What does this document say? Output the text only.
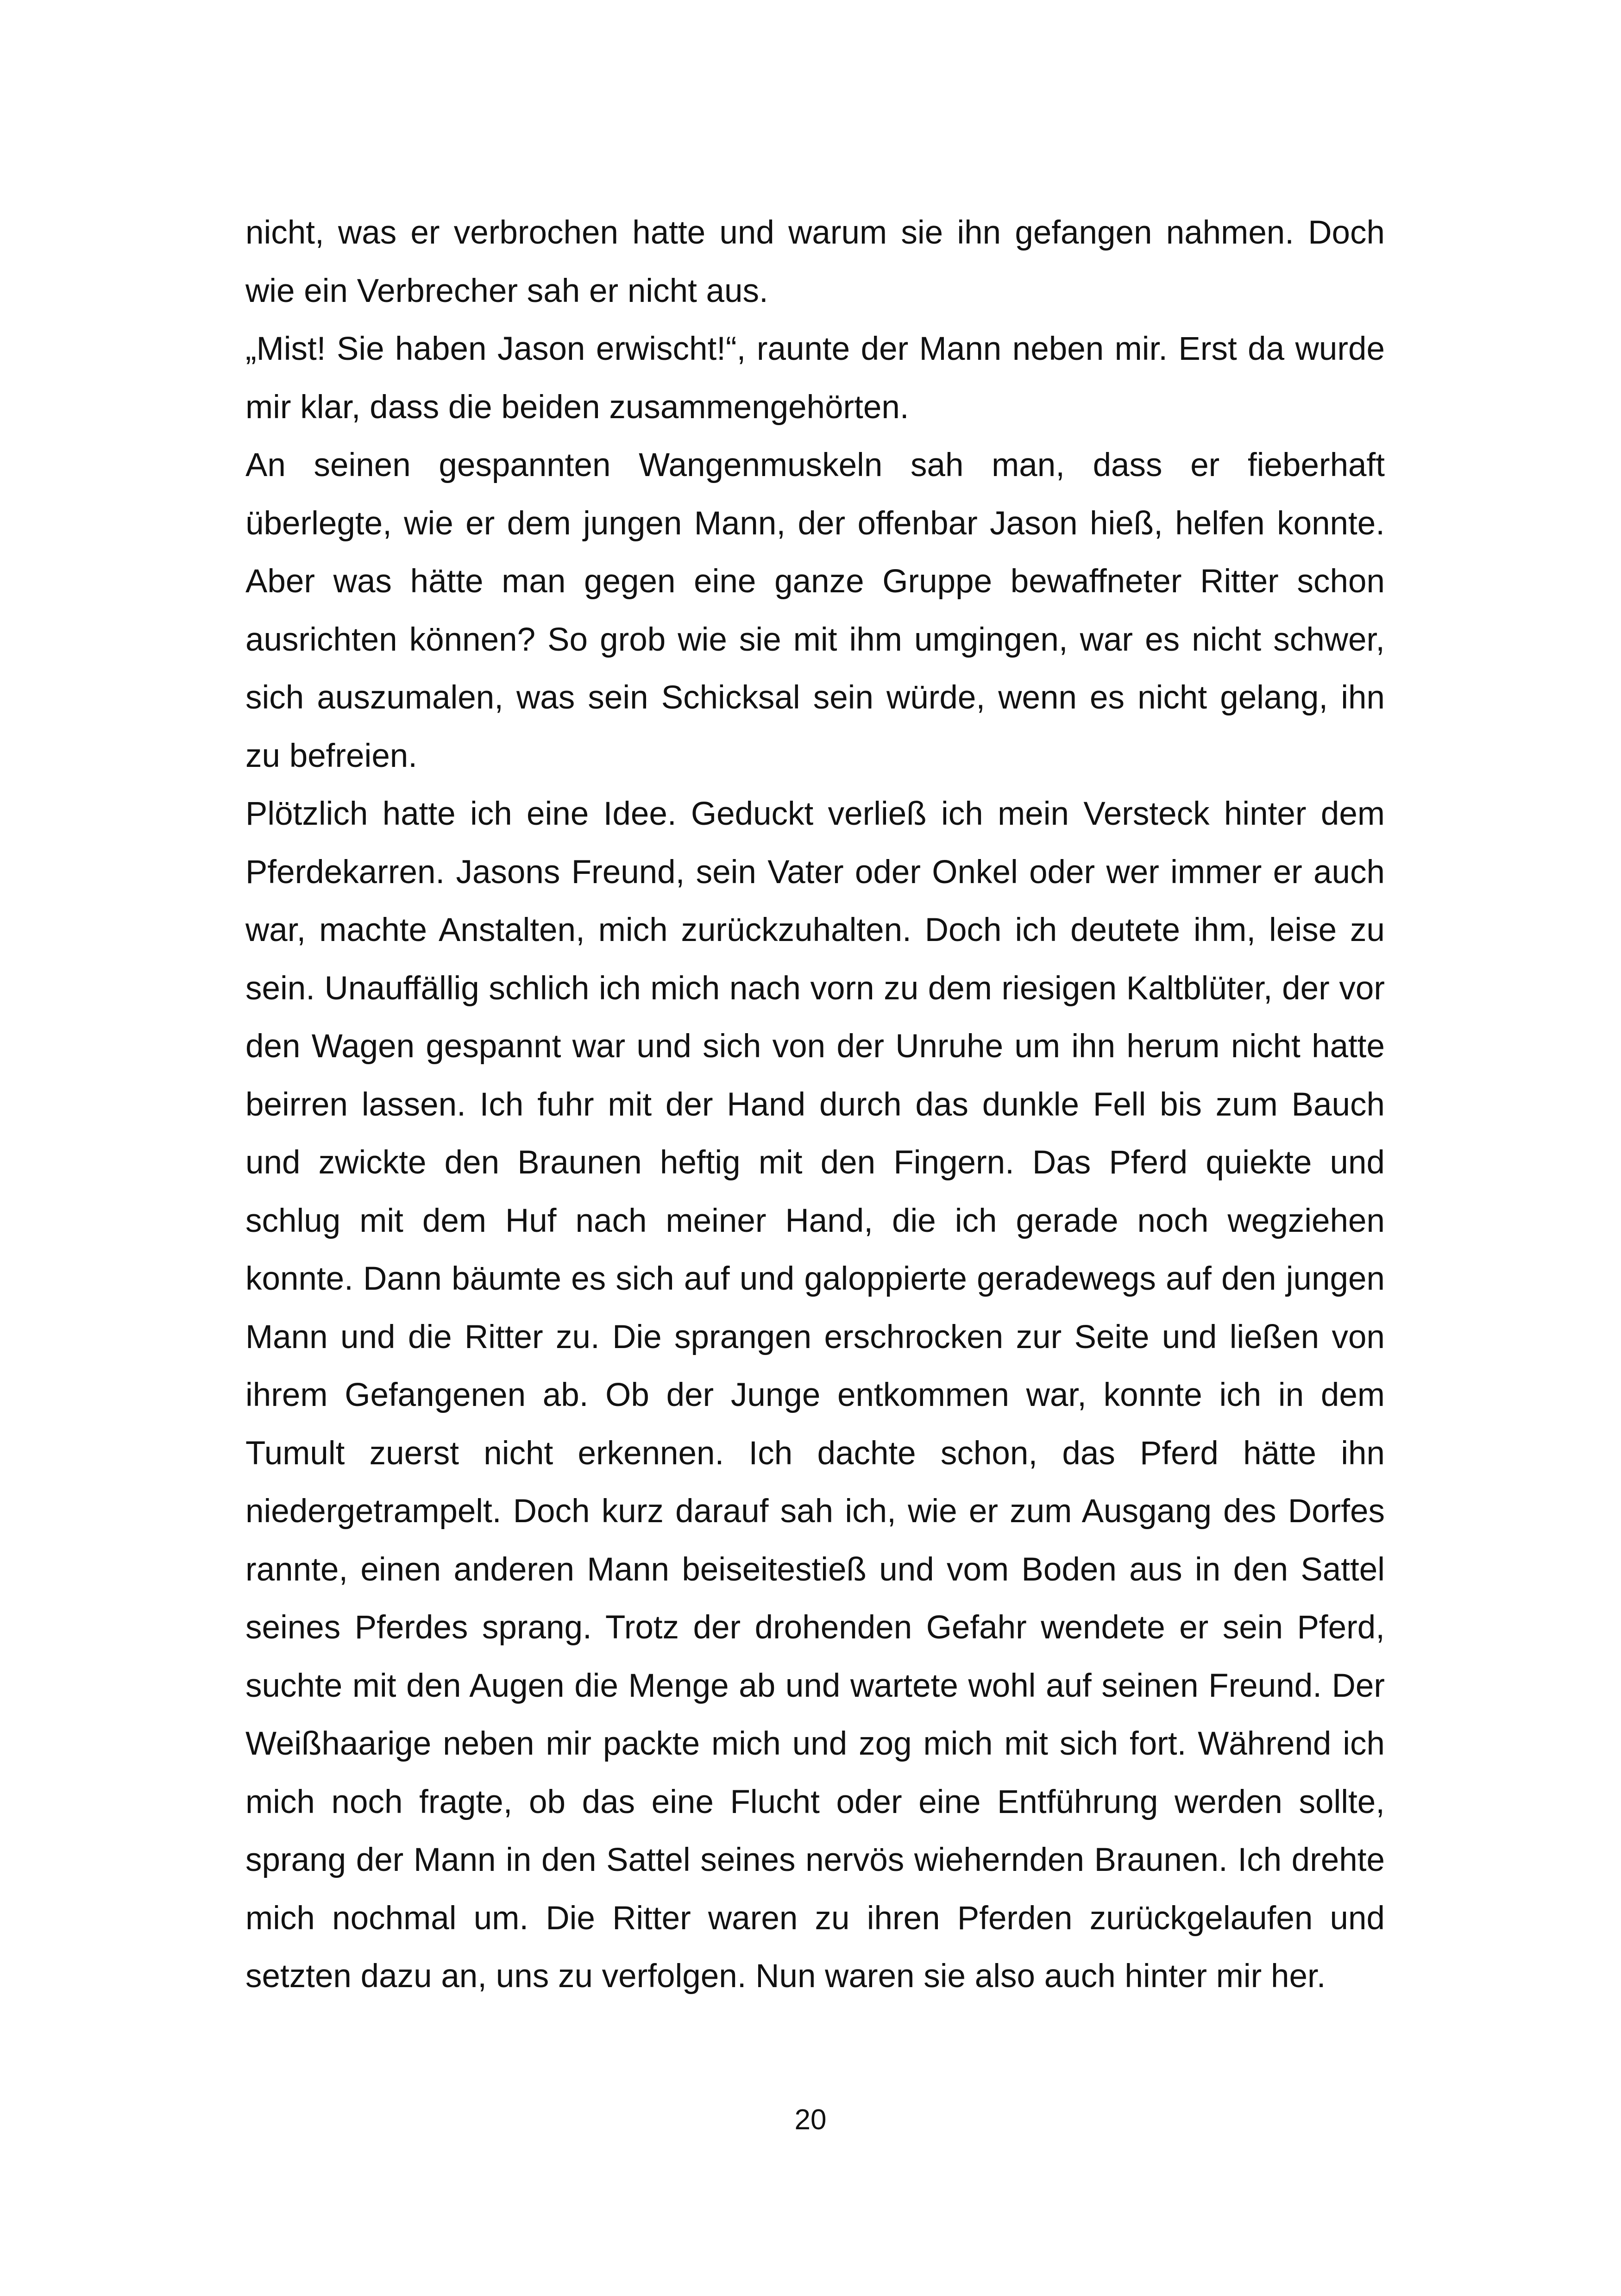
nicht, was er verbrochen hatte und warum sie ihn gefangen nahmen. Doch wie ein Verbrecher sah er nicht aus.

„Mist! Sie haben Jason erwischt!“, raunte der Mann neben mir. Erst da wurde mir klar, dass die beiden zusammengehörten.

An seinen gespannten Wangenmuskeln sah man, dass er fieberhaft überlegte, wie er dem jungen Mann, der offenbar Jason hieß, helfen konnte. Aber was hätte man gegen eine ganze Gruppe bewaffneter Ritter schon ausrichten können? So grob wie sie mit ihm umgingen, war es nicht schwer, sich auszumalen, was sein Schicksal sein würde, wenn es nicht gelang, ihn zu befreien.

Plötzlich hatte ich eine Idee. Geduckt verließ ich mein Versteck hinter dem Pferdekarren. Jasons Freund, sein Vater oder Onkel oder wer immer er auch war, machte Anstalten, mich zurückzuhalten. Doch ich deutete ihm, leise zu sein. Unauffällig schlich ich mich nach vorn zu dem riesigen Kaltblüter, der vor den Wagen gespannt war und sich von der Unruhe um ihn herum nicht hatte beirren lassen. Ich fuhr mit der Hand durch das dunkle Fell bis zum Bauch und zwickte den Braunen heftig mit den Fingern. Das Pferd quiekte und schlug mit dem Huf nach meiner Hand, die ich gerade noch wegziehen konnte. Dann bäumte es sich auf und galoppierte geradewegs auf den jungen Mann und die Ritter zu. Die sprangen erschrocken zur Seite und ließen von ihrem Gefangenen ab. Ob der Junge entkommen war, konnte ich in dem Tumult zuerst nicht erkennen. Ich dachte schon, das Pferd hätte ihn niedergetrampelt. Doch kurz darauf sah ich, wie er zum Ausgang des Dorfes rannte, einen anderen Mann beiseitestieß und vom Boden aus in den Sattel seines Pferdes sprang. Trotz der drohenden Gefahr wendete er sein Pferd, suchte mit den Augen die Menge ab und wartete wohl auf seinen Freund. Der Weißhaarige neben mir packte mich und zog mich mit sich fort. Während ich mich noch fragte, ob das eine Flucht oder eine Entführung werden sollte, sprang der Mann in den Sattel seines nervös wiehernden Braunen. Ich drehte mich nochmal um. Die Ritter waren zu ihren Pferden zurückgelaufen und setzten dazu an, uns zu verfolgen. Nun waren sie also auch hinter mir her.

20
